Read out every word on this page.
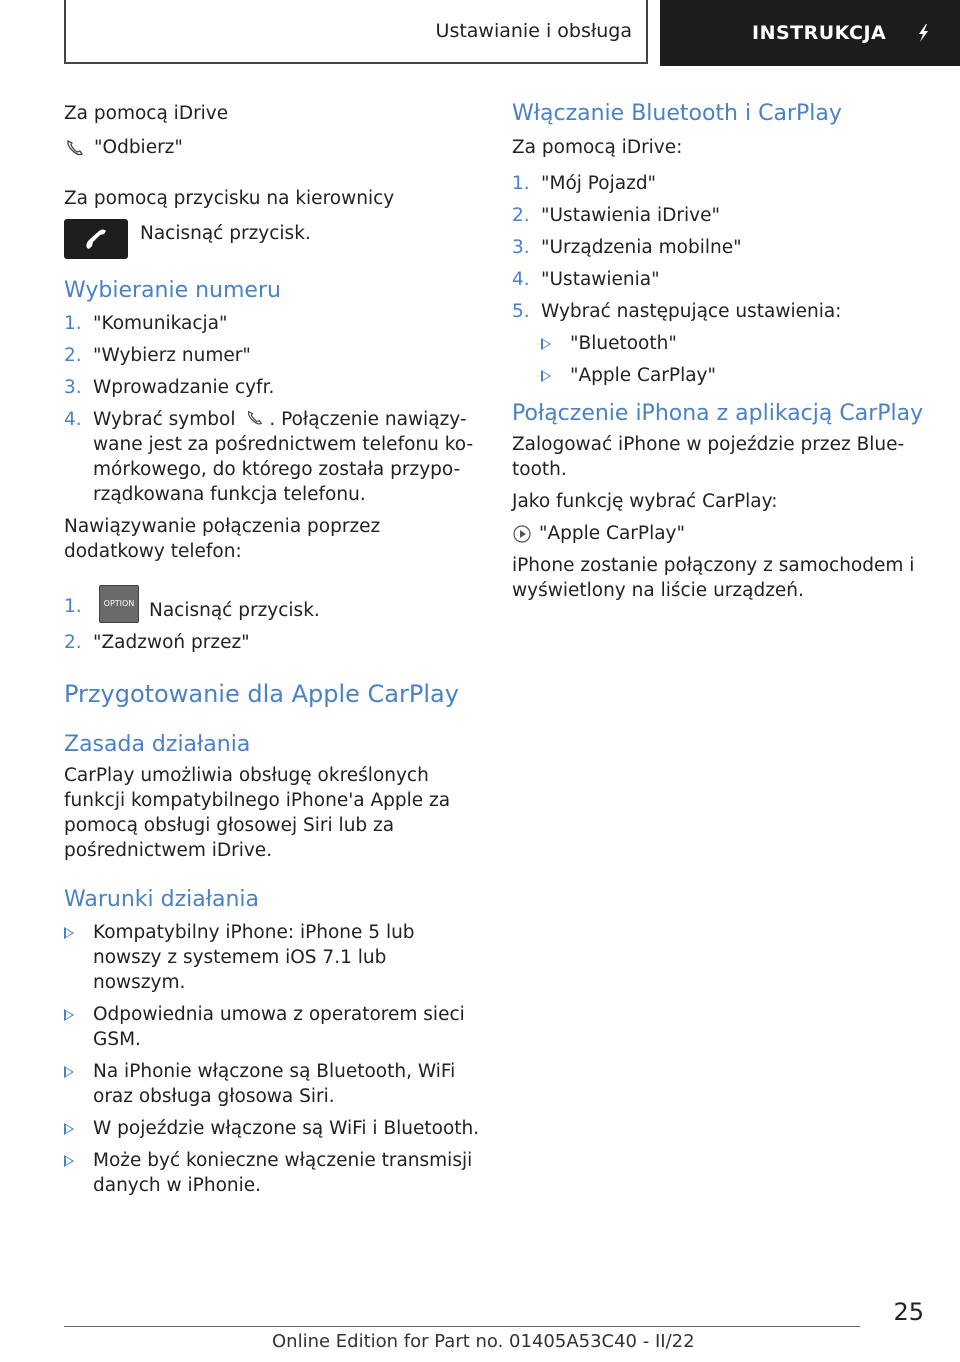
Ustawianie i obsługa	INSTRUKCJA

Za pomocą iDrive

"Odbierz"

Za pomocą przycisku na kierownicy

Nacisnąć przycisk.
Wybieranie numeru
1. "Komunikacja"
2. "Wybierz numer"
3. Wprowadzanie cyfr.
4. Wybrać symbol . Połączenie nawiązy-wane jest za pośrednictwem telefonu ko-mórkowego, do którego została przypo-rządkowana funkcja telefonu.

Nawiązywanie połączenia poprzez dodatkowy telefon:

1.	OPTION Nacisnąć przycisk.
2. "Zadzwoń przez"
Przygotowanie dla Apple CarPlay
Zasada działania

CarPlay umożliwia obsługę określonych funkcji kompatybilnego iPhone'a Apple za pomocą obsługi głosowej Siri lub za pośrednictwem iDrive.

Warunki działania
Kompatybilny iPhone: iPhone 5 lub nowszy z systemem iOS 7.1 lub nowszym.
Odpowiednia umowa z operatorem sieci GSM.
Na iPhonie włączone są Bluetooth, WiFi oraz obsługa głosowa Siri.
W pojeździe włączone są WiFi i Bluetooth.
Może być konieczne włączenie transmisji danych w iPhonie.
Włączanie Bluetooth i CarPlay

Za pomocą iDrive:

1. "Mój Pojazd"
2. "Ustawienia iDrive"
3. "Urządzenia mobilne"
4. "Ustawienia"
5. Wybrać następujące ustawienia:
"Bluetooth"
"Apple CarPlay"
Połączenie iPhona z aplikacją CarPlay

Zalogować iPhone w pojeździe przez Blue-tooth.

Jako funkcję wybrać CarPlay:

"Apple CarPlay"

iPhone zostanie połączony z samochodem i wyświetlony na liście urządzeń.

25
Online Edition for Part no. 01405A53C40 - II/22
